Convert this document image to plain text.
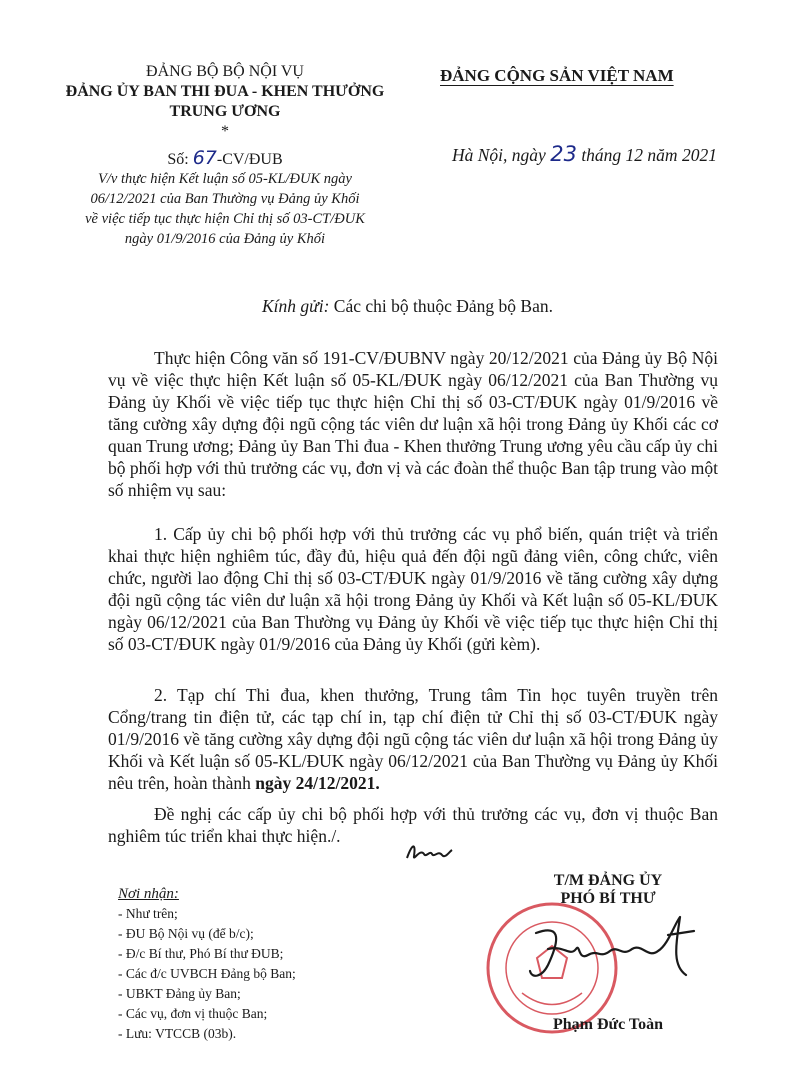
ĐẢNG BỘ BỘ NỘI VỤ
ĐẢNG ỦY BAN THI ĐUA - KHEN THƯỞNG
TRUNG ƯƠNG
*
ĐẢNG CỘNG SẢN VIỆT NAM
Hà Nội, ngày 23 tháng 12 năm 2021
Số: 67-CV/ĐUB
V/v thực hiện Kết luận số 05-KL/ĐUK ngày
06/12/2021 của Ban Thường vụ Đảng ủy Khối
về việc tiếp tục thực hiện Chỉ thị số 03-CT/ĐUK
ngày 01/9/2016 của Đảng ủy Khối
Kính gửi: Các chi bộ thuộc Đảng bộ Ban.

Thực hiện Công văn số 191-CV/ĐUBNV ngày 20/12/2021 của Đảng ủy Bộ Nội vụ về việc thực hiện Kết luận số 05-KL/ĐUK ngày 06/12/2021 của Ban Thường vụ Đảng ủy Khối về việc tiếp tục thực hiện Chỉ thị số 03-CT/ĐUK ngày 01/9/2016 về tăng cường xây dựng đội ngũ cộng tác viên dư luận xã hội trong Đảng ủy Khối các cơ quan Trung ương; Đảng ủy Ban Thi đua - Khen thưởng Trung ương yêu cầu cấp ủy chi bộ phối hợp với thủ trưởng các vụ, đơn vị và các đoàn thể thuộc Ban tập trung vào một số nhiệm vụ sau:

1. Cấp ủy chi bộ phối hợp với thủ trưởng các vụ phổ biến, quán triệt và triển khai thực hiện nghiêm túc, đầy đủ, hiệu quả đến đội ngũ đảng viên, công chức, viên chức, người lao động Chỉ thị số 03-CT/ĐUK ngày 01/9/2016 về tăng cường xây dựng đội ngũ cộng tác viên dư luận xã hội trong Đảng ủy Khối và Kết luận số 05-KL/ĐUK ngày 06/12/2021 của Ban Thường vụ Đảng ủy Khối về việc tiếp tục thực hiện Chỉ thị số 03-CT/ĐUK ngày 01/9/2016 của Đảng ủy Khối (gửi kèm).

2. Tạp chí Thi đua, khen thưởng, Trung tâm Tin học tuyên truyền trên Cổng/trang tin điện tử, các tạp chí in, tạp chí điện tử Chỉ thị số 03-CT/ĐUK ngày 01/9/2016 về tăng cường xây dựng đội ngũ cộng tác viên dư luận xã hội trong Đảng ủy Khối và Kết luận số 05-KL/ĐUK ngày 06/12/2021 của Ban Thường vụ Đảng ủy Khối nêu trên, hoàn thành ngày 24/12/2021.

Đề nghị các cấp ủy chi bộ phối hợp với thủ trưởng các vụ, đơn vị thuộc Ban nghiêm túc triển khai thực hiện./.

Nơi nhận:
- Như trên;
- ĐU Bộ Nội vụ (để b/c);
- Đ/c Bí thư, Phó Bí thư ĐUB;
- Các đ/c UVBCH Đảng bộ Ban;
- UBKT Đảng ủy Ban;
- Các vụ, đơn vị thuộc Ban;
- Lưu: VTCCB (03b).
T/M ĐẢNG ỦY
PHÓ BÍ THƯ
Phạm Đức Toàn
